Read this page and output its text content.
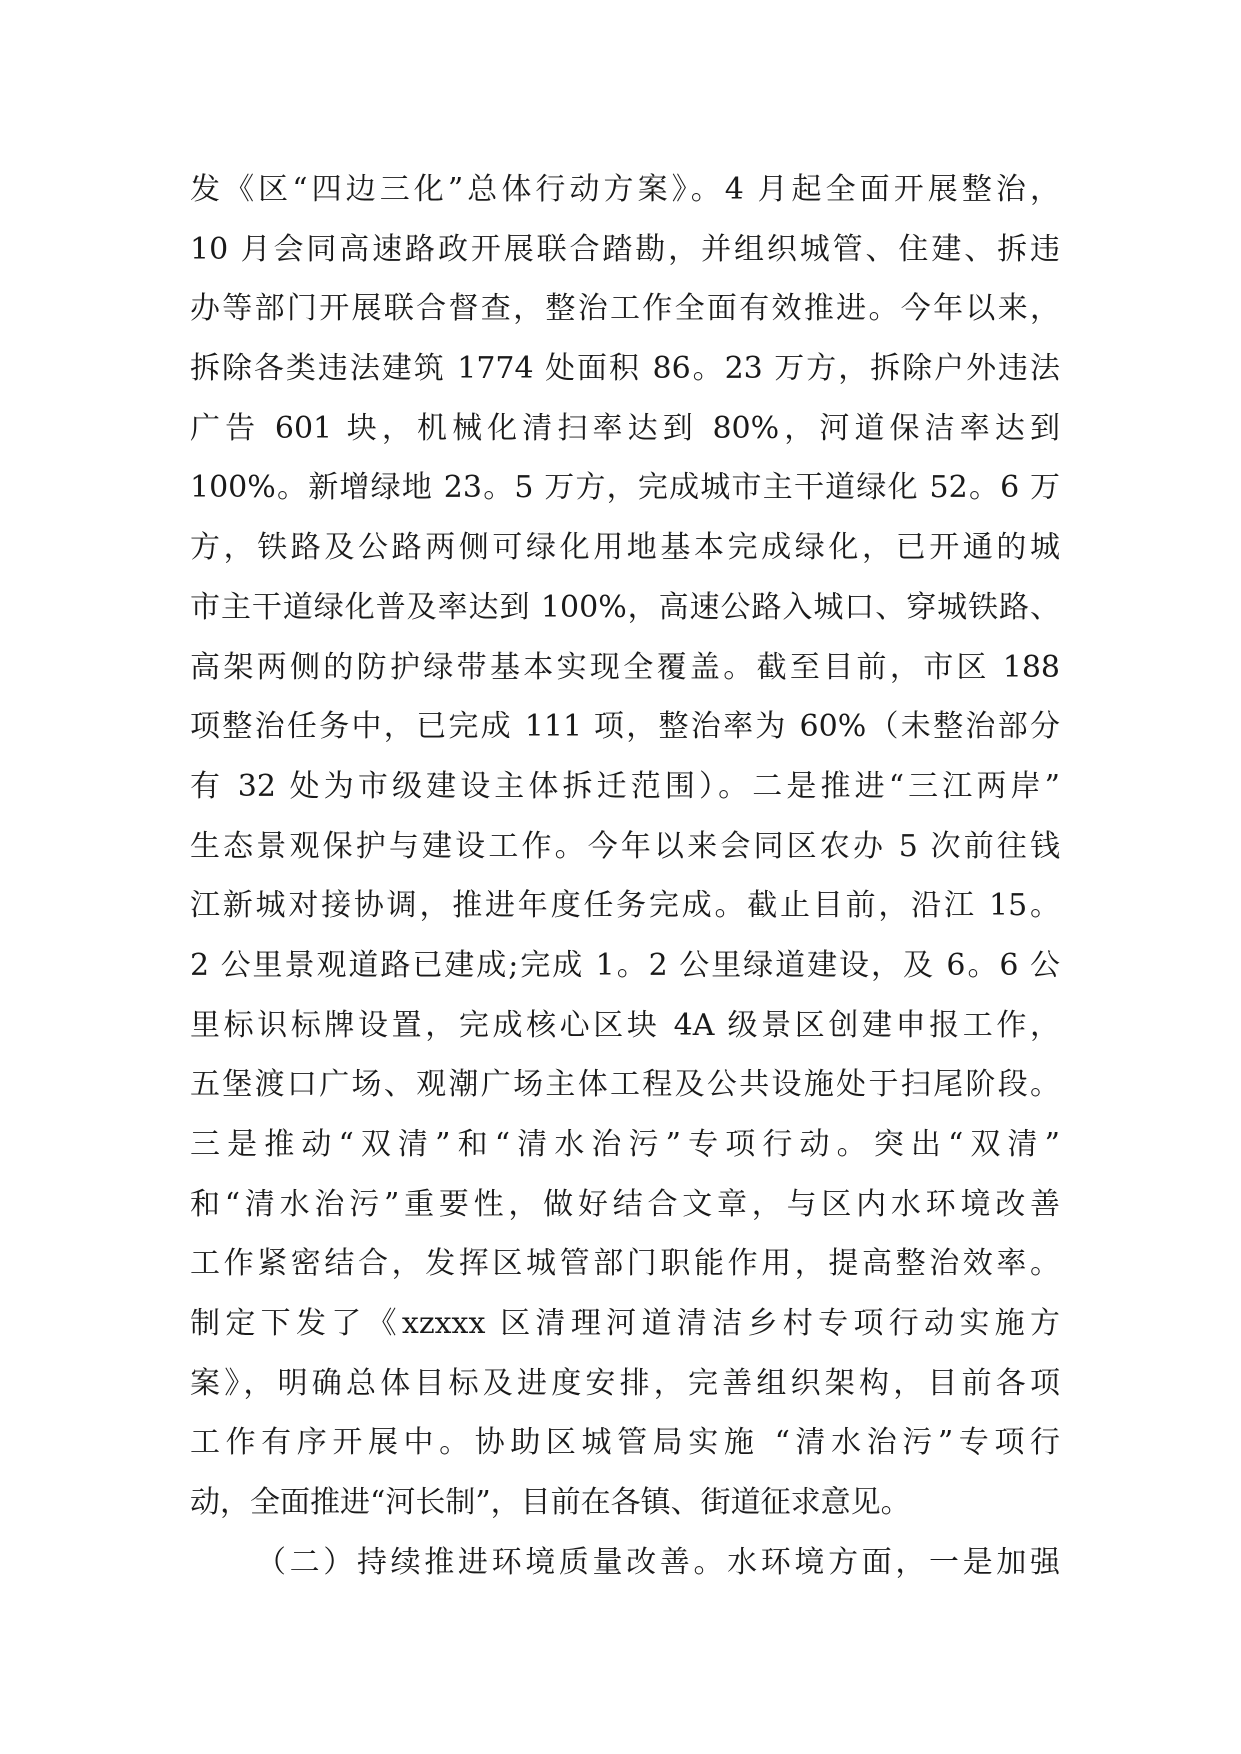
发《区“四边三化”总体行动方案》。4 月起全面开展整治，
10 月会同高速路政开展联合踏勘，并组织城管、住建、拆违
办等部门开展联合督查，整治工作全面有效推进。今年以来，
拆除各类违法建筑 1774 处面积 86。23 万方，拆除户外违法
广告 601 块，机械化清扫率达到 80%，河道保洁率达到
100%。新增绿地 23。5 万方，完成城市主干道绿化 52。6 万
方，铁路及公路两侧可绿化用地基本完成绿化，已开通的城
市主干道绿化普及率达到 100%，高速公路入城口、穿城铁路、
高架两侧的防护绿带基本实现全覆盖。截至目前，市区 188
项整治任务中，已完成 111 项，整治率为 60%（未整治部分
有 32 处为市级建设主体拆迁范围）。二是推进“三江两岸”
生态景观保护与建设工作。今年以来会同区农办 5 次前往钱
江新城对接协调，推进年度任务完成。截止目前，沿江 15。
2 公里景观道路已建成;完成 1。2 公里绿道建设，及 6。6 公
里标识标牌设置，完成核心区块 4A 级景区创建申报工作，
五堡渡口广场、观潮广场主体工程及公共设施处于扫尾阶段。
三是推动“双清”和“清水治污”专项行动。突出“双清”
和“清水治污”重要性，做好结合文章，与区内水环境改善
工作紧密结合，发挥区城管部门职能作用，提高整治效率。
制定下发了《xzxxx 区清理河道清洁乡村专项行动实施方
案》，明确总体目标及进度安排，完善组织架构，目前各项
工作有序开展中。协助区城管局实施 “清水治污”专项行
动，全面推进“河长制”，目前在各镇、街道征求意见。
（二）持续推进环境质量改善。水环境方面，一是加强
